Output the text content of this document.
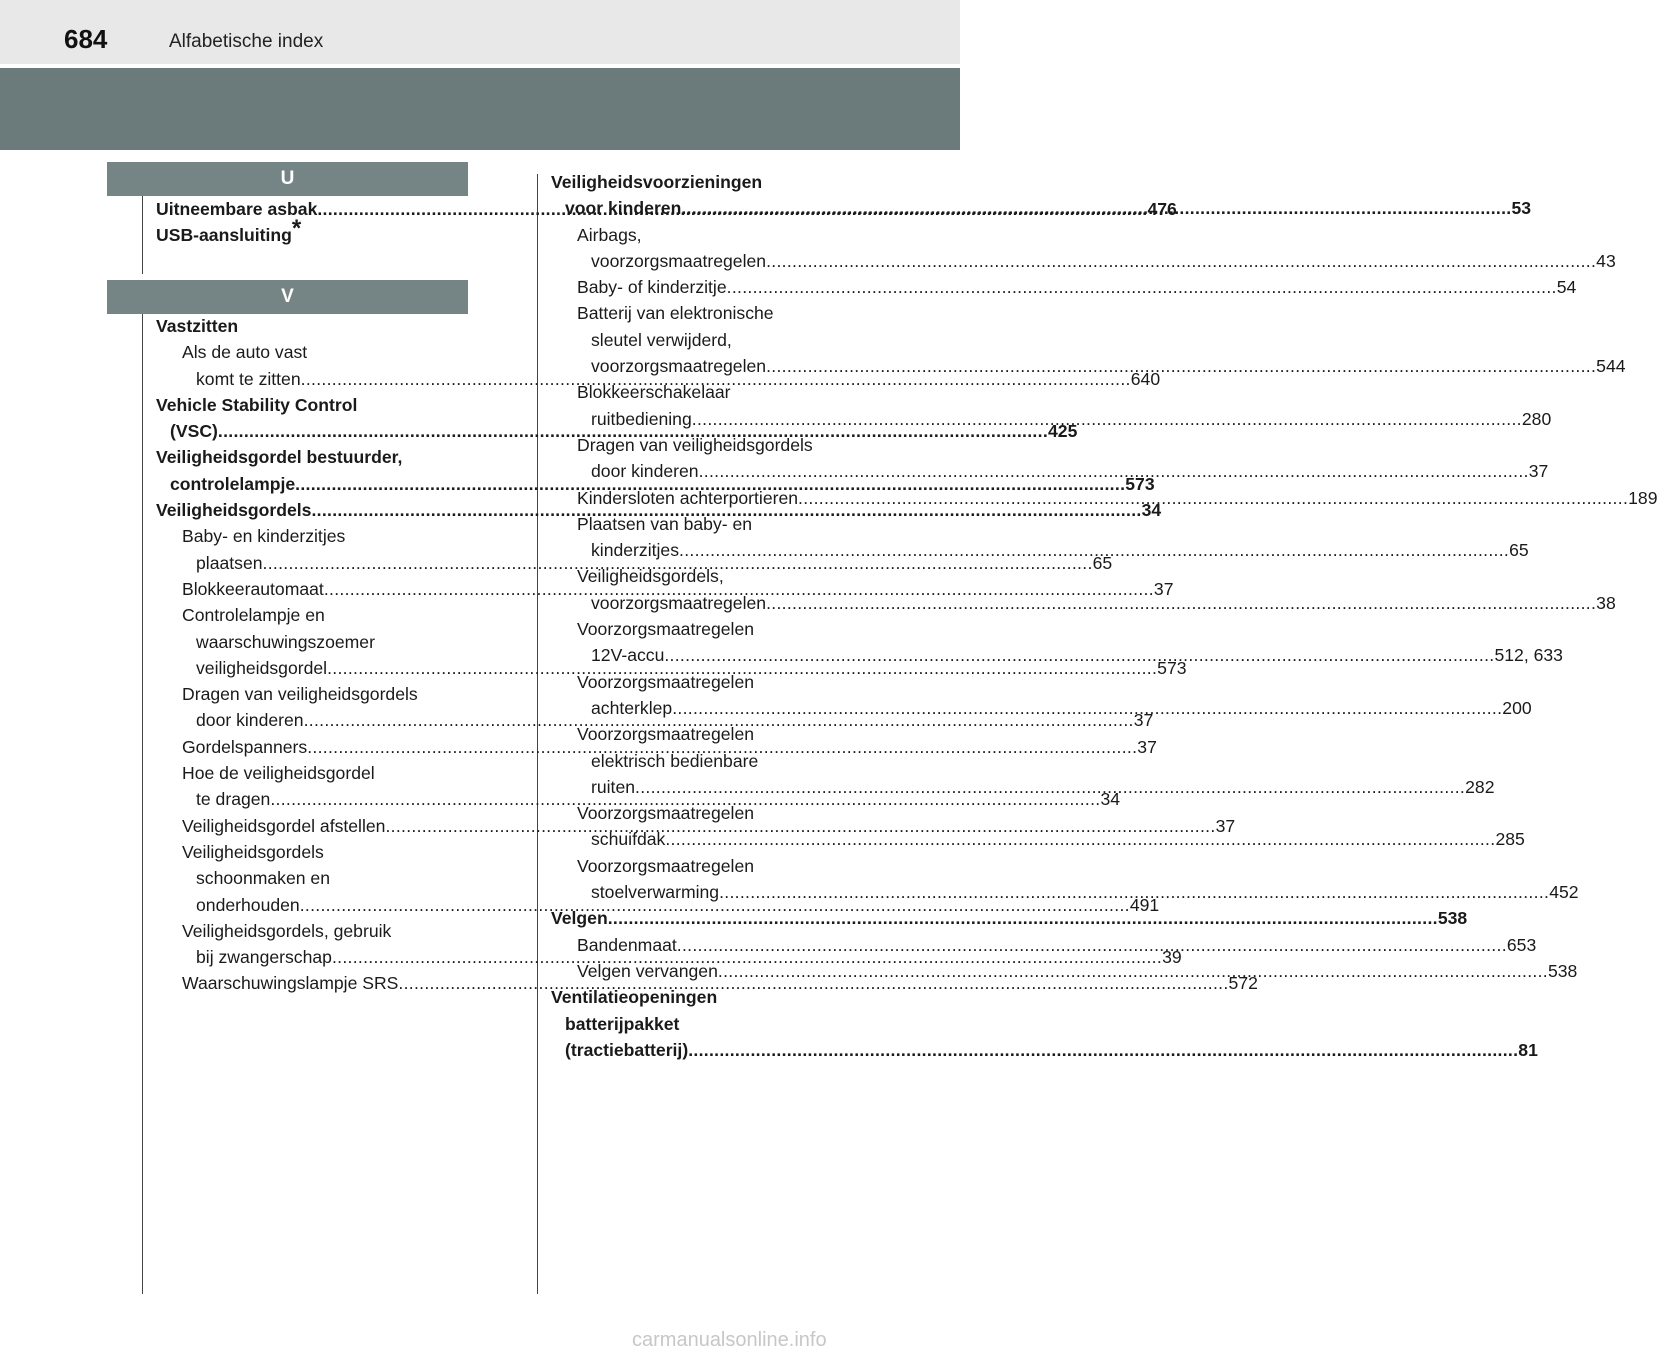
684	Alfabetische index
U
V
Uitneembare asbak .....	476
USB-aansluiting*
Vastzitten
Als de auto vast
komt te zitten .....	640
Vehicle Stability Control
(VSC) .....	425
Veiligheidsgordel bestuurder,
controlelampje .....	573
Veiligheidsgordels .....	34
Baby- en kinderzitjes
plaatsen .....	65
Blokkeerautomaat .....	37
Controlelampje en
waarschuwingszoemer
veiligheidsgordel .....	573
Dragen van veiligheidsgordels
door kinderen .....	37
Gordelspanners .....	37
Hoe de veiligheidsgordel
te dragen .....	34
Veiligheidsgordel afstellen .....	37
Veiligheidsgordels
schoonmaken en
onderhouden .....	491
Veiligheidsgordels, gebruik
bij zwangerschap .....	39
Waarschuwingslampje SRS .....	572
Veiligheidsvoorzieningen
voor kinderen .....	53
Airbags,
voorzorgsmaatregelen .....	43
Baby- of kinderzitje .....	54
Batterij van elektronische
sleutel verwijderd,
voorzorgsmaatregelen .....	544
Blokkeerschakelaar
ruitbediening .....	280
Dragen van veiligheidsgordels
door kinderen .....	37
Kindersloten achterportieren .....	189
Plaatsen van baby- en
kinderzitjes .....	65
Veiligheidsgordels,
voorzorgsmaatregelen .....	38
Voorzorgsmaatregelen
12V-accu .....	512, 633
Voorzorgsmaatregelen
achterklep .....	200
Voorzorgsmaatregelen
elektrisch bedienbare
ruiten .....	282
Voorzorgsmaatregelen
schuifdak .....	285
Voorzorgsmaatregelen
stoelverwarming .....	452
Velgen .....	538
Bandenmaat .....	653
Velgen vervangen .....	538
Ventilatieopeningen
batterijpakket
(tractiebatterij) .....	81
carmanualsonline.info
